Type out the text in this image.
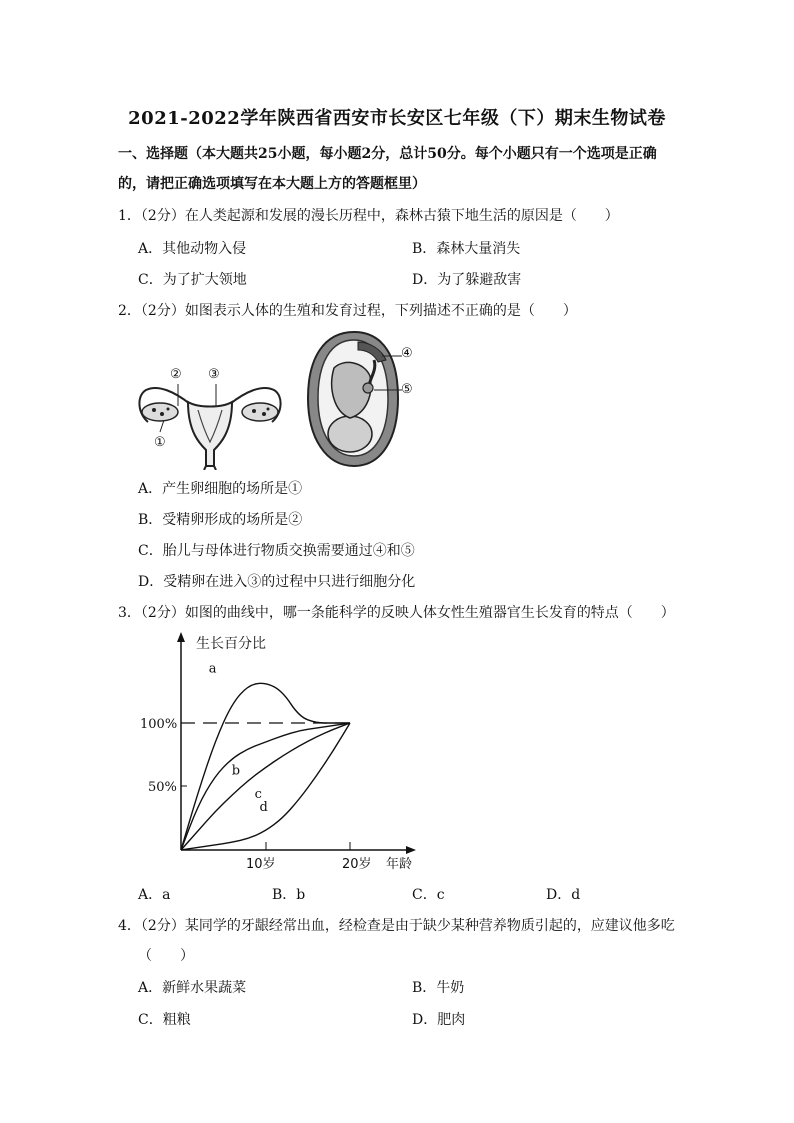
2021-2022学年陕西省西安市长安区七年级（下）期末生物试卷
一、选择题（本大题共25小题，每小题2分，总计50分。每个小题只有一个选项是正确
的，请把正确选项填写在本大题上方的答题框里）
1．（2分）在人类起源和发展的漫长历程中，森林古猿下地生活的原因是（　　）
A．其他动物入侵	B．森林大量消失
C．为了扩大领地	D．为了躲避敌害
2．（2分）如图表示人体的生殖和发育过程，下列描述不正确的是（　　）
② ③
①
④
⑤
A．产生卵细胞的场所是①
B．受精卵形成的场所是②
C．胎儿与母体进行物质交换需要通过④和⑤
D．受精卵在进入③的过程中只进行细胞分化
3．（2分）如图的曲线中，哪一条能科学的反映人体女性生殖器官生长发育的特点（　　）
生长百分比
100%
50%
10岁	20岁 年龄
a
b
c
d
A．a	B．b	C．c	D．d
4．（2分）某同学的牙龈经常出血，经检查是由于缺少某种营养物质引起的，应建议他多吃
（　　）
A．新鲜水果蔬菜	B．牛奶
C．粗粮	D．肥肉
